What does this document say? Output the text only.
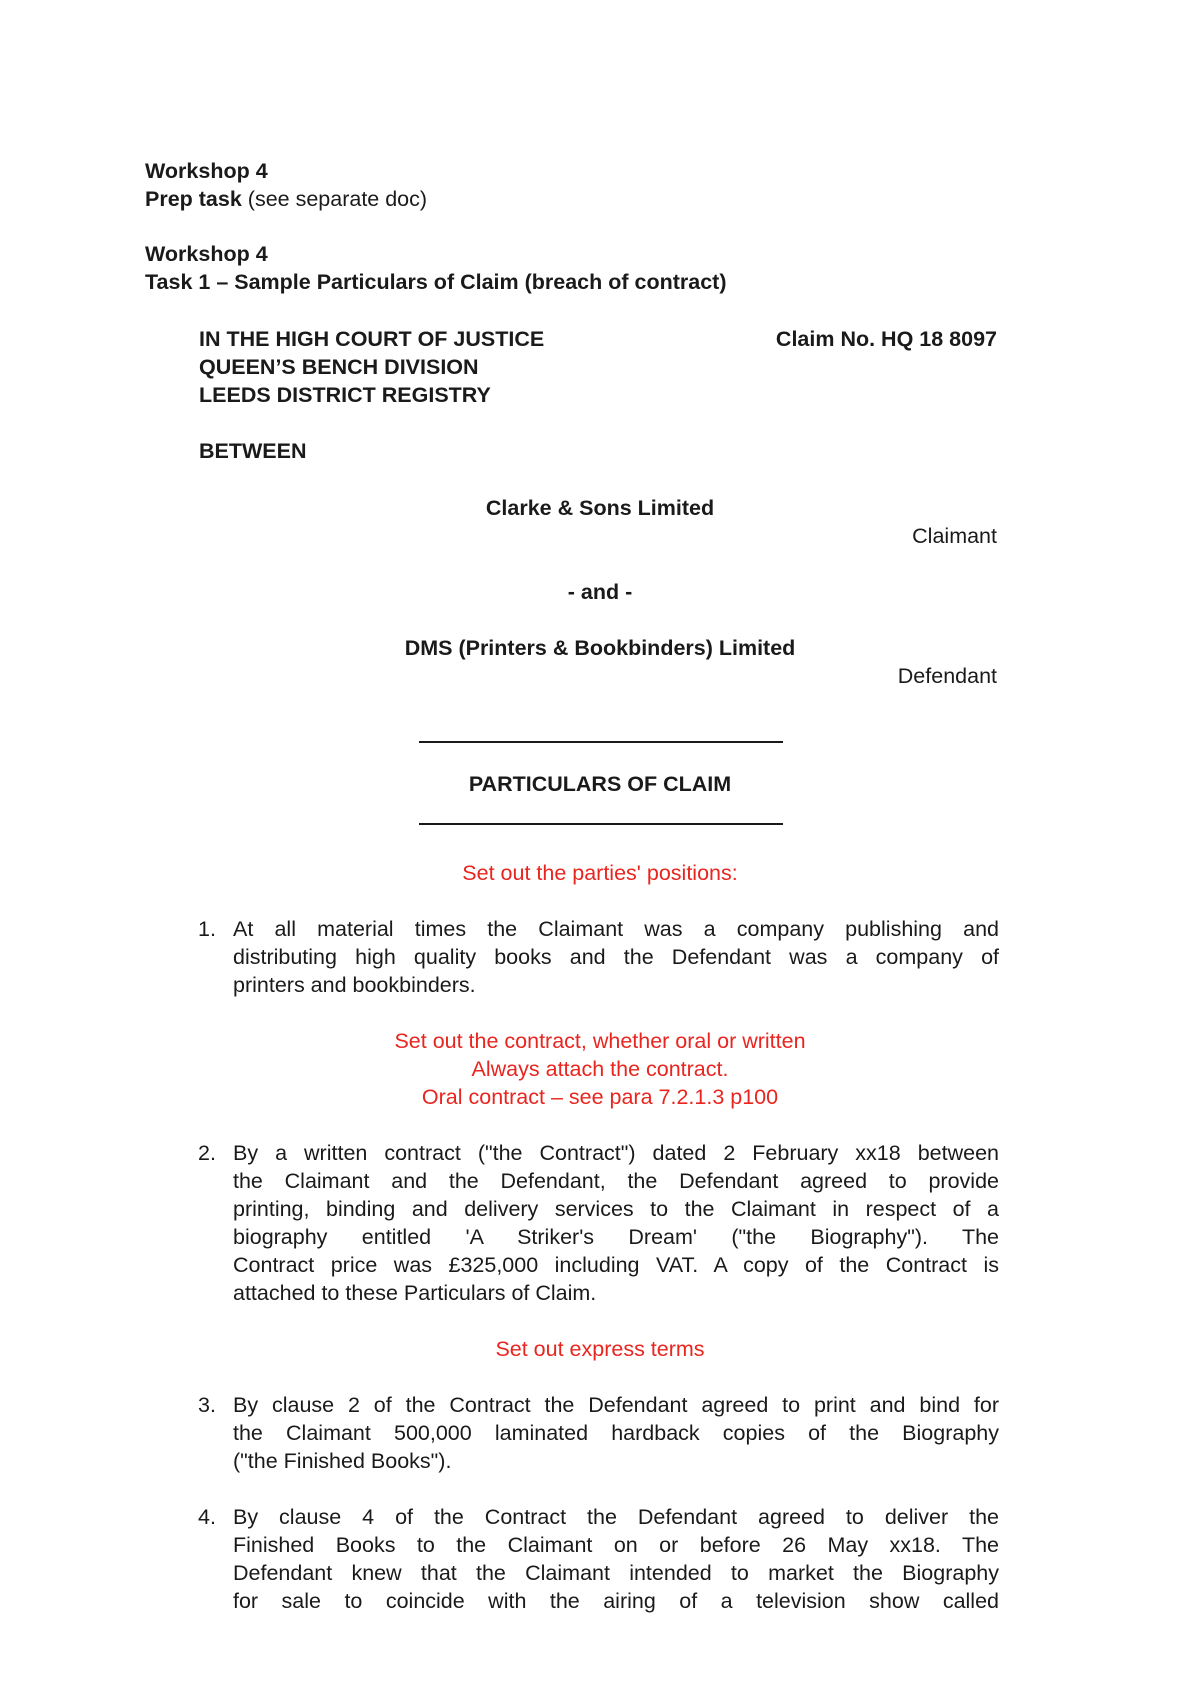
Workshop 4
Prep task (see separate doc)
Workshop 4
Task 1 – Sample Particulars of Claim (breach of contract)
IN THE HIGH COURT OF JUSTICE	Claim No. HQ 18 8097
QUEEN’S BENCH DIVISION
LEEDS DISTRICT REGISTRY
BETWEEN
Clarke & Sons Limited
Claimant
- and -
DMS (Printers & Bookbinders) Limited
Defendant
PARTICULARS OF CLAIM
Set out the parties' positions:
1. At all material times the Claimant was a company publishing and
distributing high quality books and the Defendant was a company of
printers and bookbinders.
Set out the contract, whether oral or written
Always attach the contract.
Oral contract – see para 7.2.1.3 p100
2. By a written contract ("the Contract") dated 2 February xx18 between
the Claimant and the Defendant, the Defendant agreed to provide
printing, binding and delivery services to the Claimant in respect of a
biography entitled 'A Striker's Dream' ("the Biography"). The
Contract price was £325,000 including VAT. A copy of the Contract is
attached to these Particulars of Claim.
Set out express terms
3. By clause 2 of the Contract the Defendant agreed to print and bind for
the Claimant 500,000 laminated hardback copies of the Biography
("the Finished Books").
4. By clause 4 of the Contract the Defendant agreed to deliver the
Finished Books to the Claimant on or before 26 May xx18. The
Defendant knew that the Claimant intended to market the Biography
for sale to coincide with the airing of a television show called
